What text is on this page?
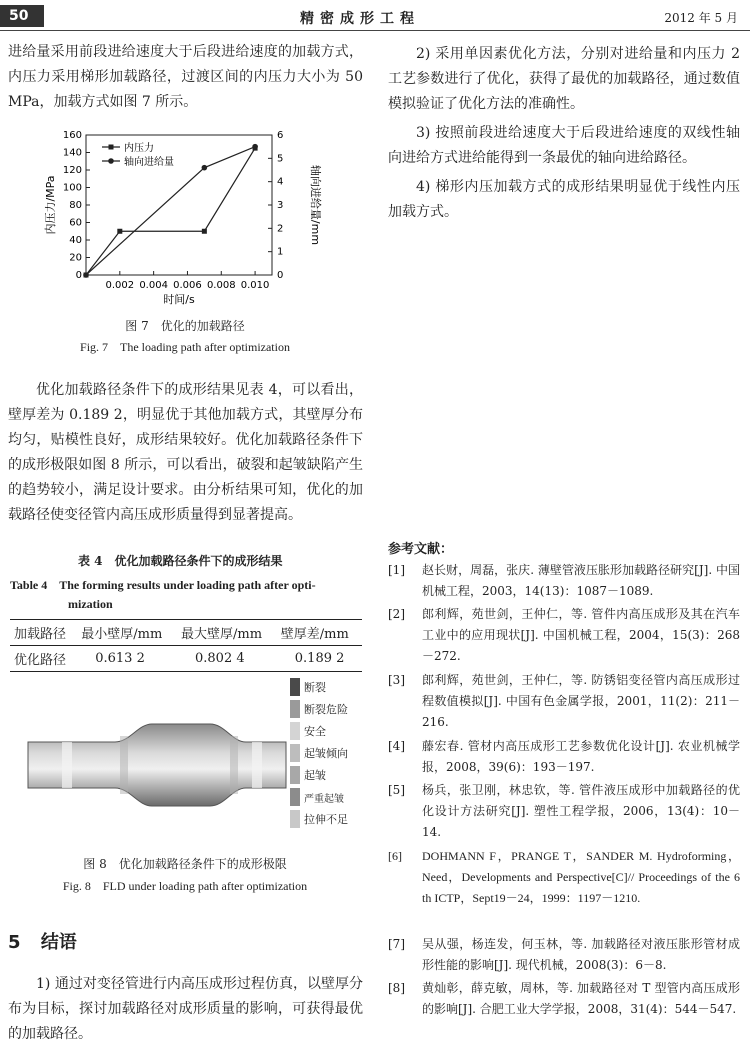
50	精密成形工程	2012 年 5 月

进给量采用前段进给速度大于后段进给速度的加载方式，内压力采用梯形加载路径，过渡区间的内压力大小为 50 MPa，加载方式如图 7 所示。

0
20
40
60
80
100
120
140
160
0
1
2
3
4
5
6
0.002 0.004 0.006 0.008 0.010
时间/s
内压力/MPa	轴向进给量/mm
内压力
轴向进给量
图 7　优化的加载路径
Fig. 7　The loading path after optimization

优化加载路径条件下的成形结果见表 4，可以看出，壁厚差为 0.189 2，明显优于其他加载方式，其壁厚分布均匀，贴模性良好，成形结果较好。优化加载路径条件下的成形极限如图 8 所示，可以看出，破裂和起皱缺陷产生的趋势较小，满足设计要求。由分析结果可知，优化的加载路径使变径管内高压成形质量得到显著提高。

表 4　优化加载路径条件下的成形结果
Table 4　The forming results under loading path after opti-
mization
加载路径	最小壁厚/mm	最大壁厚/mm	壁厚差/mm
优化路径	0.613 2	0.802 4	0.189 2
断裂
断裂危险
安全
起皱倾向
起皱
严重起皱
拉伸不足
图 8　优化加载路径条件下的成形极限
Fig. 8　FLD under loading path after optimization
5 结语

1) 通过对变径管进行内高压成形过程仿真，以壁厚分布为目标，探讨加载路径对成形质量的影响，可获得最优的加载路径。

2) 采用单因素优化方法，分别对进给量和内压力 2 工艺参数进行了优化，获得了最优的加载路径，通过数值模拟验证了优化方法的准确性。

3) 按照前段进给速度大于后段进给速度的双线性轴向进给方式进给能得到一条最优的轴向进给路径。

4) 梯形内压加载方式的成形结果明显优于线性内压加载方式。

参考文献：
[1] 赵长财，周磊，张庆. 薄壁管液压胀形加载路径研究[J]. 中国机械工程，2003，14(13)：1087－1089.
[2] 郎利辉，苑世剑，王仲仁，等. 管件内高压成形及其在汽车工业中的应用现状[J]. 中国机械工程，2004，15(3)：268－272.
[3] 郎利辉，苑世剑，王仲仁，等. 防锈铝变径管内高压成形过程数值模拟[J]. 中国有色金属学报，2001，11(2)：211－216.
[4] 藤宏春. 管材内高压成形工艺参数优化设计[J]. 农业机械学报，2008，39(6)：193－197.
[5] 杨兵，张卫刚，林忠钦，等. 管件液压成形中加载路径的优化设计方法研究[J]. 塑性工程学报，2006，13(4)：10－14.
[6] DOHMANN F，PRANGE T，SANDER M. Hydroforming，Need，Developments and Perspective[C]// Proceedings of the 6 th ICTP，Sept19－24，1999：1197－1210.
[7] 吴从强，杨连发，何玉林，等. 加载路径对液压胀形管材成形性能的影响[J]. 现代机械，2008(3)：6－8.
[8] 黄灿彰，薛克敏，周林，等. 加载路径对 T 型管内高压成形的影响[J]. 合肥工业大学学报，2008，31(4)：544－547.
